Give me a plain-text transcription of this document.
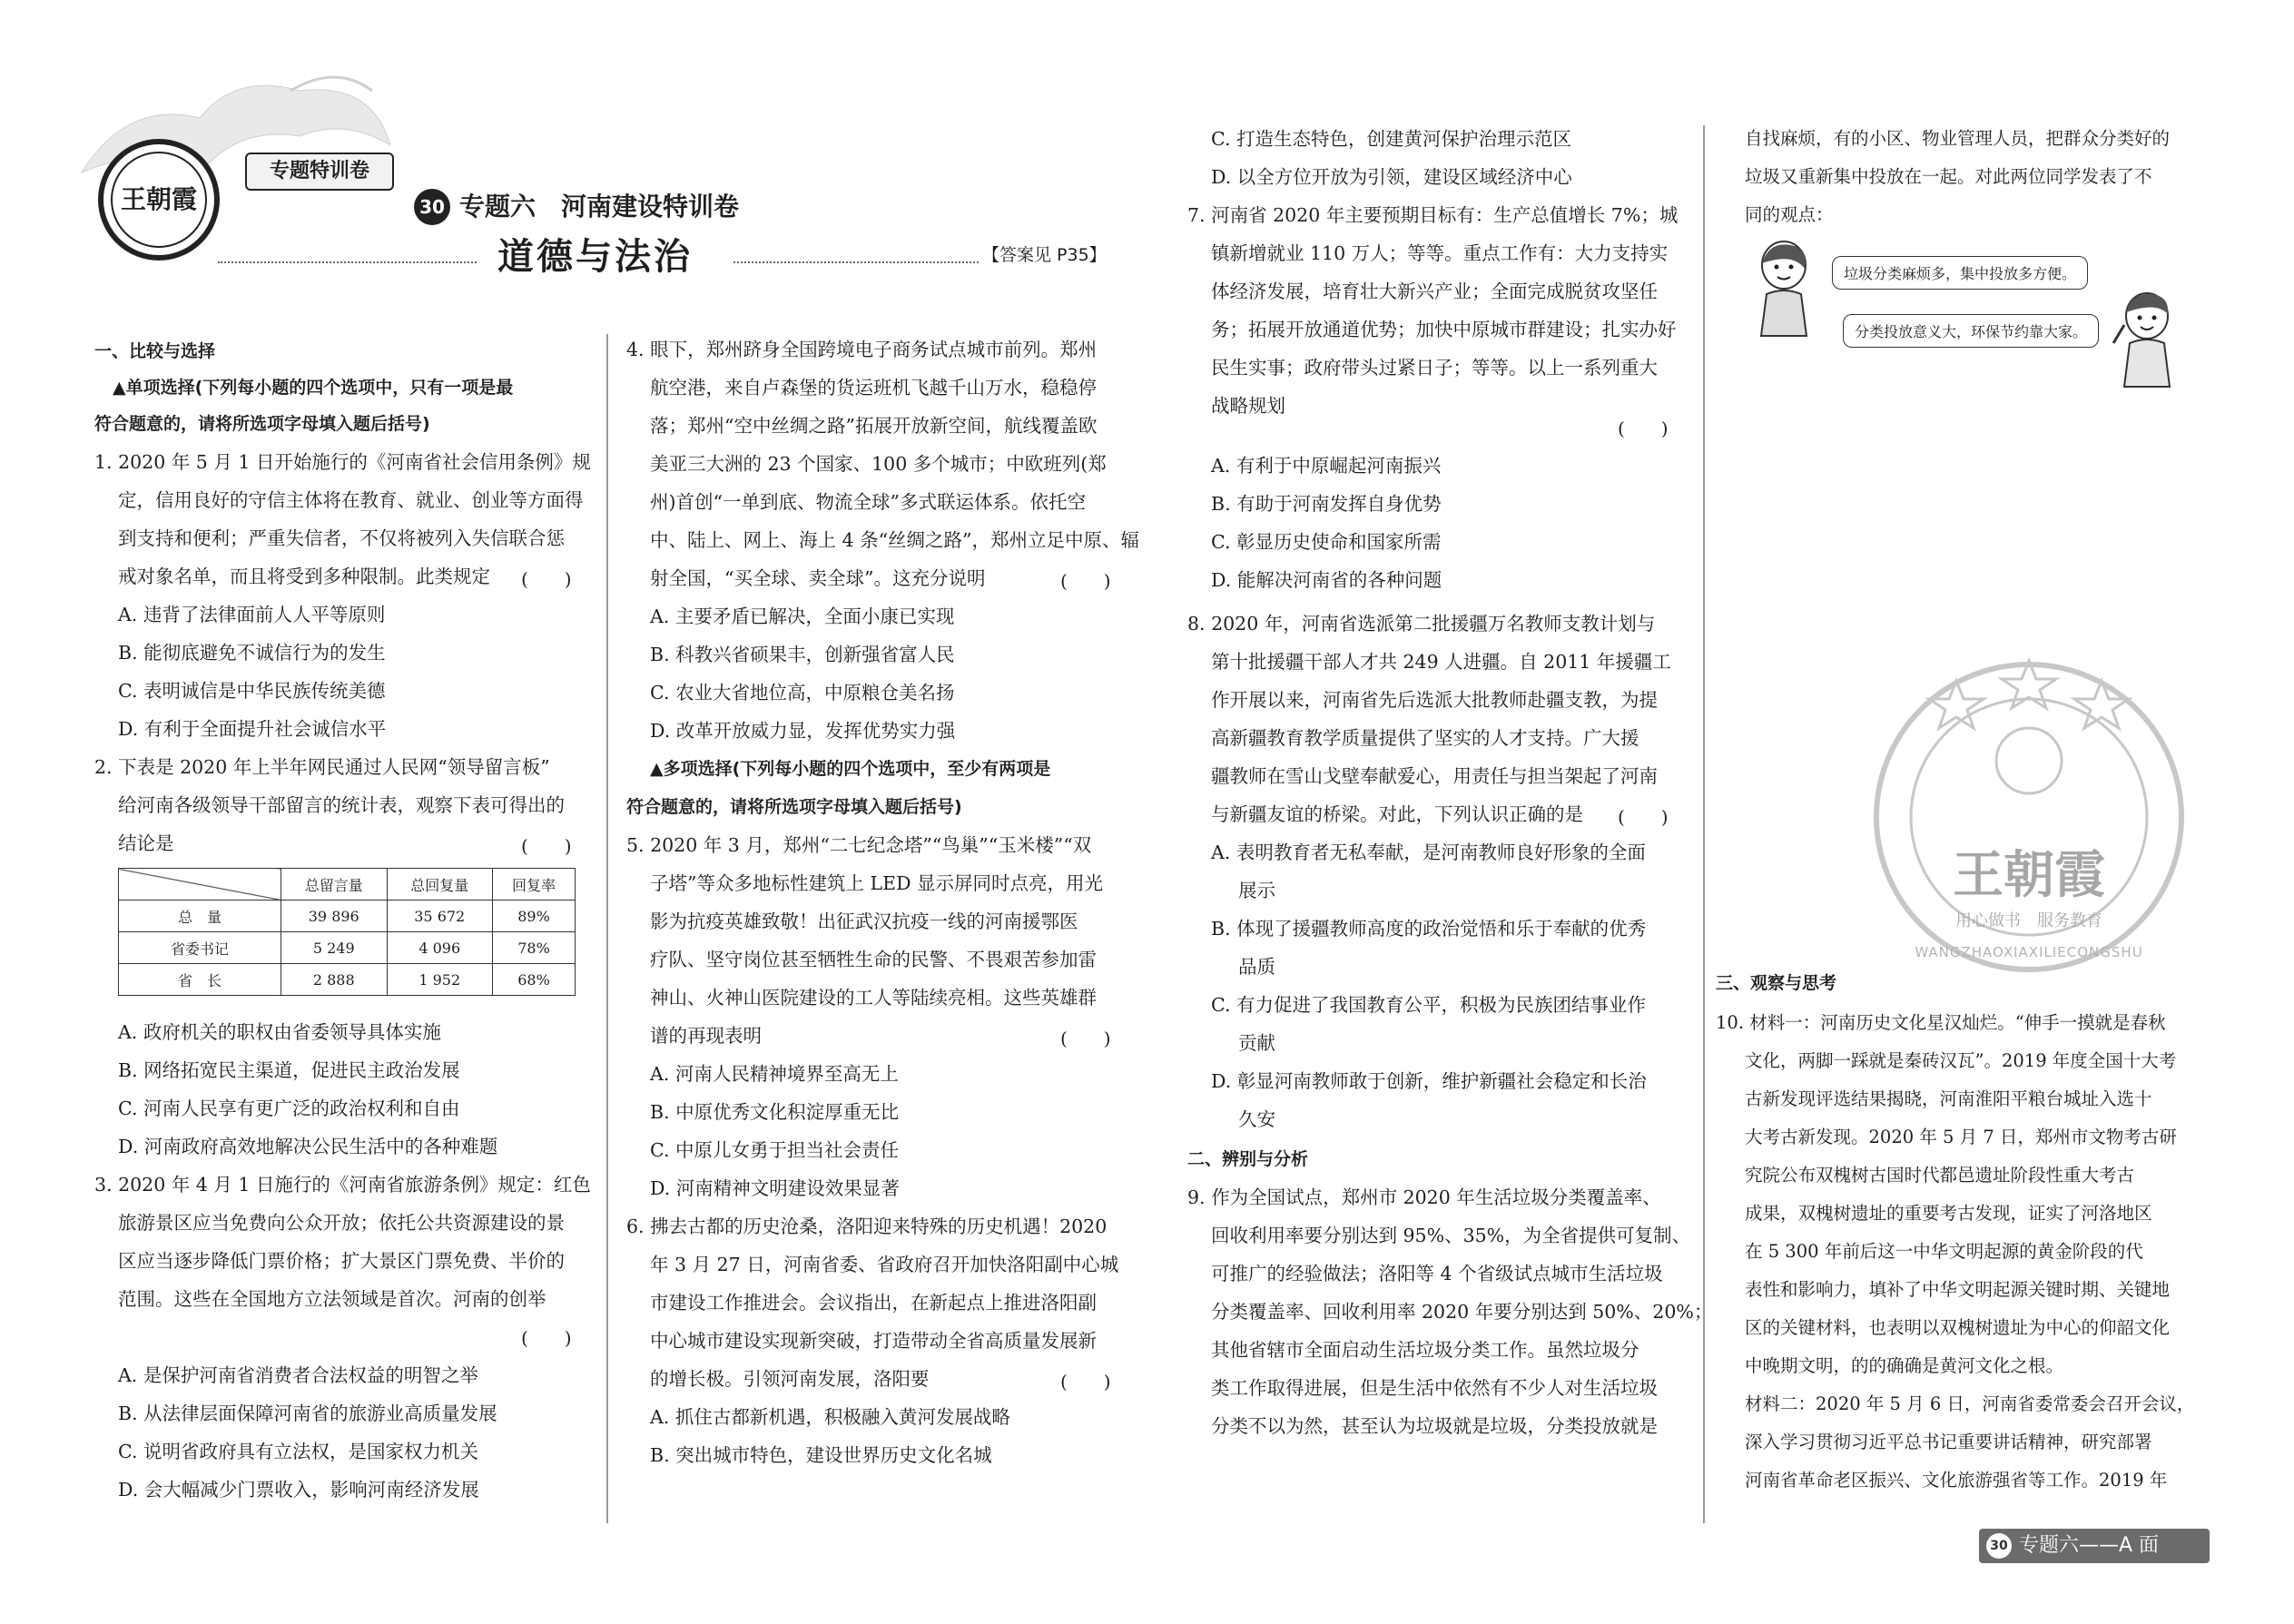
王朝霞
专题特训卷
30 专题六　河南建设特训卷
道德与法治	【答案见 P35】
一、比较与选择
▲单项选择(下列每小题的四个选项中，只有一项是最
符合题意的，请将所选项字母填入题后括号)
1. 2020 年 5 月 1 日开始施行的《河南省社会信用条例》规
定，信用良好的守信主体将在教育、就业、创业等方面得
到支持和便利；严重失信者，不仅将被列入失信联合惩
戒对象名单，而且将受到多种限制。此类规定 (　　)
A. 违背了法律面前人人平等原则
B. 能彻底避免不诚信行为的发生
C. 表明诚信是中华民族传统美德
D. 有利于全面提升社会诚信水平
2. 下表是 2020 年上半年网民通过人民网“领导留言板”
给河南各级领导干部留言的统计表，观察下表可得出的
结论是	(　　)
	总留言量	总回复量	回复率
总　量	39 896	35 672	89%
省委书记	5 249	4 096	78%
省　长	2 888	1 952	68%
A. 政府机关的职权由省委领导具体实施
B. 网络拓宽民主渠道，促进民主政治发展
C. 河南人民享有更广泛的政治权利和自由
D. 河南政府高效地解决公民生活中的各种难题
3. 2020 年 4 月 1 日施行的《河南省旅游条例》规定：红色
旅游景区应当免费向公众开放；依托公共资源建设的景
区应当逐步降低门票价格；扩大景区门票免费、半价的
范围。这些在全国地方立法领域是首次。河南的创举
(　　)
A. 是保护河南省消费者合法权益的明智之举
B. 从法律层面保障河南省的旅游业高质量发展
C. 说明省政府具有立法权，是国家权力机关
D. 会大幅减少门票收入，影响河南经济发展
4. 眼下，郑州跻身全国跨境电子商务试点城市前列。郑州
航空港，来自卢森堡的货运班机飞越千山万水，稳稳停
落；郑州“空中丝绸之路”拓展开放新空间，航线覆盖欧
美亚三大洲的 23 个国家、100 多个城市；中欧班列(郑
州)首创“一单到底、物流全球”多式联运体系。依托空
中、陆上、网上、海上 4 条“丝绸之路”，郑州立足中原、辐
射全国，“买全球、卖全球”。这充分说明	(　　)
A. 主要矛盾已解决，全面小康已实现
B. 科教兴省硕果丰，创新强省富人民
C. 农业大省地位高，中原粮仓美名扬
D. 改革开放威力显，发挥优势实力强
▲多项选择(下列每小题的四个选项中，至少有两项是
符合题意的，请将所选项字母填入题后括号)
5. 2020 年 3 月，郑州“二七纪念塔”“鸟巢”“玉米楼”“双
子塔”等众多地标性建筑上 LED 显示屏同时点亮，用光
影为抗疫英雄致敬！出征武汉抗疫一线的河南援鄂医
疗队、坚守岗位甚至牺牲生命的民警、不畏艰苦参加雷
神山、火神山医院建设的工人等陆续亮相。这些英雄群
谱的再现表明	(　　)
A. 河南人民精神境界至高无上
B. 中原优秀文化积淀厚重无比
C. 中原儿女勇于担当社会责任
D. 河南精神文明建设效果显著
6. 拂去古都的历史沧桑，洛阳迎来特殊的历史机遇！2020
年 3 月 27 日，河南省委、省政府召开加快洛阳副中心城
市建设工作推进会。会议指出，在新起点上推进洛阳副
中心城市建设实现新突破，打造带动全省高质量发展新
的增长极。引领河南发展，洛阳要	(　　)
A. 抓住古都新机遇，积极融入黄河发展战略
B. 突出城市特色，建设世界历史文化名城
C. 打造生态特色，创建黄河保护治理示范区
D. 以全方位开放为引领，建设区域经济中心
7. 河南省 2020 年主要预期目标有：生产总值增长 7%；城
镇新增就业 110 万人；等等。重点工作有：大力支持实
体经济发展，培育壮大新兴产业；全面完成脱贫攻坚任
务；拓展开放通道优势；加快中原城市群建设；扎实办好
民生实事；政府带头过紧日子；等等。以上一系列重大
战略规划
(　　)
A. 有利于中原崛起河南振兴
B. 有助于河南发挥自身优势
C. 彰显历史使命和国家所需
D. 能解决河南省的各种问题
8. 2020 年，河南省选派第二批援疆万名教师支教计划与
第十批援疆干部人才共 249 人进疆。自 2011 年援疆工
作开展以来，河南省先后选派大批教师赴疆支教，为提
高新疆教育教学质量提供了坚实的人才支持。广大援
疆教师在雪山戈壁奉献爱心，用责任与担当架起了河南
与新疆友谊的桥梁。对此，下列认识正确的是 (　　)
A. 表明教育者无私奉献，是河南教师良好形象的全面
展示
B. 体现了援疆教师高度的政治觉悟和乐于奉献的优秀
品质
C. 有力促进了我国教育公平，积极为民族团结事业作
贡献
D. 彰显河南教师敢于创新，维护新疆社会稳定和长治
久安
二、辨别与分析
9. 作为全国试点，郑州市 2020 年生活垃圾分类覆盖率、
回收利用率要分别达到 95%、35%，为全省提供可复制、
可推广的经验做法；洛阳等 4 个省级试点城市生活垃圾
分类覆盖率、回收利用率 2020 年要分别达到 50%、20%；
其他省辖市全面启动生活垃圾分类工作。虽然垃圾分
类工作取得进展，但是生活中依然有不少人对生活垃圾
分类不以为然，甚至认为垃圾就是垃圾，分类投放就是
自找麻烦，有的小区、物业管理人员，把群众分类好的
垃圾又重新集中投放在一起。对此两位同学发表了不
同的观点：
垃圾分类麻烦多，集中投放多方便。
分类投放意义大，环保节约靠大家。
王朝霞
用心做书　服务教育
WANGZHAOXIAXILIECONGSHU
三、观察与思考
10. 材料一：河南历史文化星汉灿烂。“伸手一摸就是春秋
文化，两脚一踩就是秦砖汉瓦”。2019 年度全国十大考
古新发现评选结果揭晓，河南淮阳平粮台城址入选十
大考古新发现。2020 年 5 月 7 日，郑州市文物考古研
究院公布双槐树古国时代都邑遗址阶段性重大考古
成果，双槐树遗址的重要考古发现，证实了河洛地区
在 5 300 年前后这一中华文明起源的黄金阶段的代
表性和影响力，填补了中华文明起源关键时期、关键地
区的关键材料，也表明以双槐树遗址为中心的仰韶文化
中晚期文明，的的确确是黄河文化之根。
材料二：2020 年 5 月 6 日，河南省委常委会召开会议，
深入学习贯彻习近平总书记重要讲话精神，研究部署
河南省革命老区振兴、文化旅游强省等工作。2019 年
30 专题六——A 面
